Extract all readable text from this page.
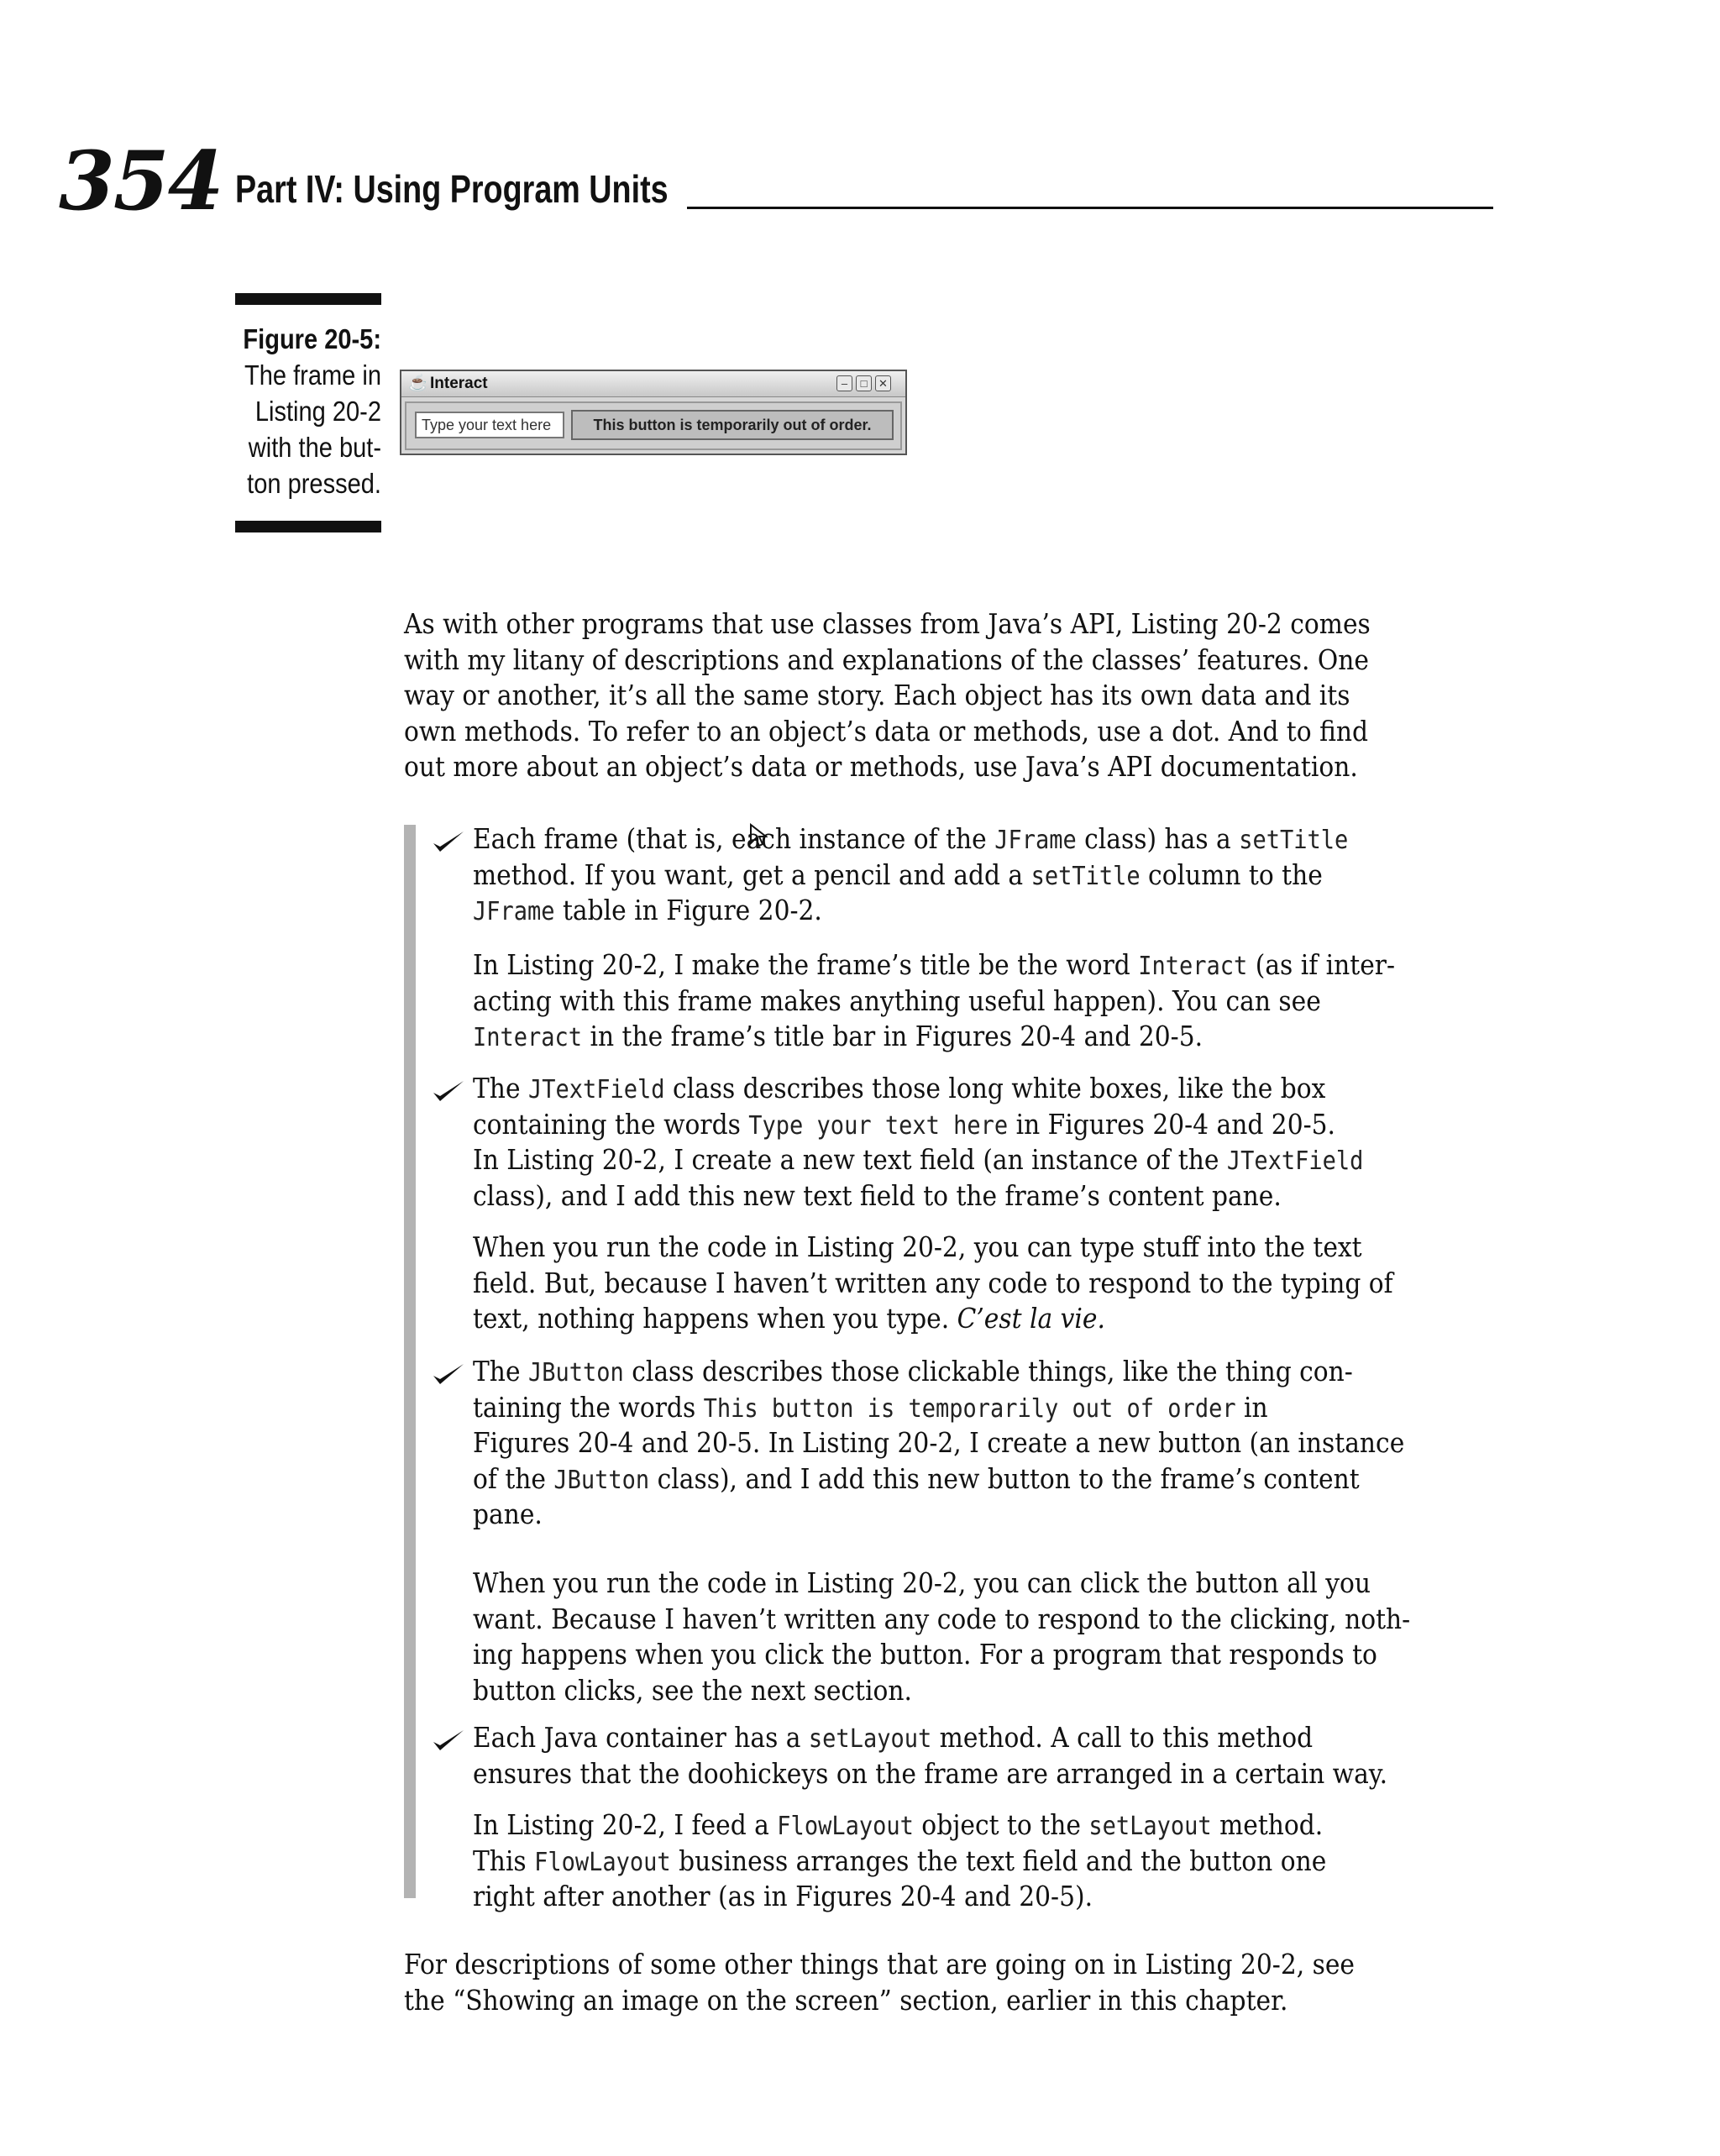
354 Part IV: Using Program Units
Figure 20-5:
The frame in
Listing 20-2
with the but-
ton pressed.
☕ Interact	–	□	✕
Type your text here	This button is temporarily out of order.
As with other programs that use classes from Java’s API, Listing 20-2 comes
with my litany of descriptions and explanations of the classes’ features. One
way or another, it’s all the same story. Each object has its own data and its
own methods. To refer to an object’s data or methods, use a dot. And to find
out more about an object’s data or methods, use Java’s API documentation.
Each frame (that is, each instance of the JFrame class) has a setTitle
method. If you want, get a pencil and add a setTitle column to the
JFrame table in Figure 20-2.
In Listing 20-2, I make the frame’s title be the word Interact (as if inter-
acting with this frame makes anything useful happen). You can see
Interact in the frame’s title bar in Figures 20-4 and 20-5.
The JTextField class describes those long white boxes, like the box
containing the words Type your text here in Figures 20-4 and 20-5.
In Listing 20-2, I create a new text field (an instance of the JTextField
class), and I add this new text field to the frame’s content pane.
When you run the code in Listing 20-2, you can type stuff into the text
field. But, because I haven’t written any code to respond to the typing of
text, nothing happens when you type. C’est la vie.
The JButton class describes those clickable things, like the thing con-
taining the words This button is temporarily out of order in
Figures 20-4 and 20-5. In Listing 20-2, I create a new button (an instance
of the JButton class), and I add this new button to the frame’s content
pane.
When you run the code in Listing 20-2, you can click the button all you
want. Because I haven’t written any code to respond to the clicking, noth-
ing happens when you click the button. For a program that responds to
button clicks, see the next section.
Each Java container has a setLayout method. A call to this method
ensures that the doohickeys on the frame are arranged in a certain way.
In Listing 20-2, I feed a FlowLayout object to the setLayout method.
This FlowLayout business arranges the text field and the button one
right after another (as in Figures 20-4 and 20-5).
For descriptions of some other things that are going on in Listing 20-2, see
the “Showing an image on the screen” section, earlier in this chapter.
